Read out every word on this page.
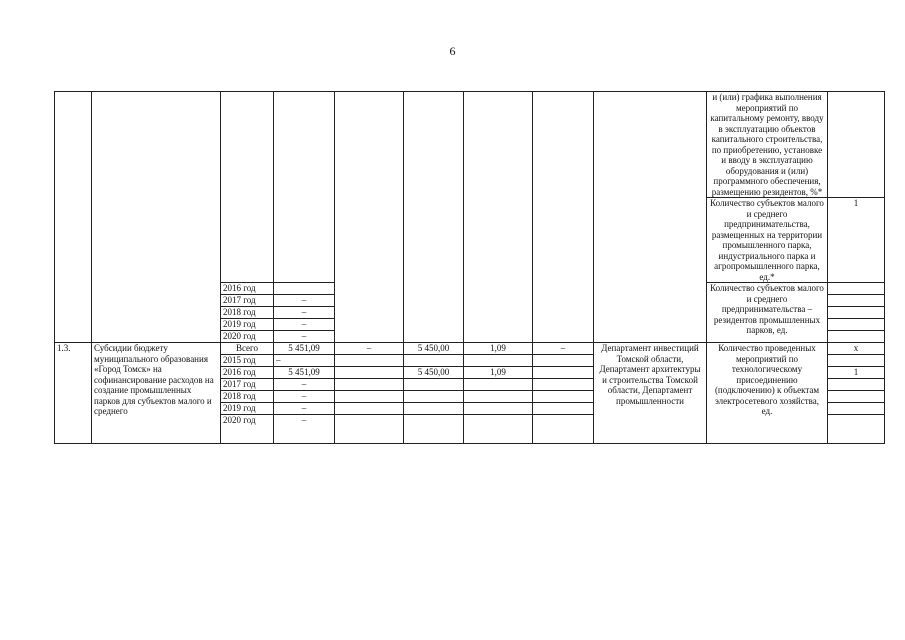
6
									и (или) графика выполнения мероприятий по капитальному ремонту, вводу в эксплуатацию объектов капитального строительства, по приобретению, установке и вводу в эксплуатацию оборудования и (или) программного обеспечения, размещению резидентов, %*	
									Количество субъектов малого и среднего предпринимательства, размещенных на территории промышленного парка, индустриального парка и агропромышленного парка, ед.*	1
		2016 год							Количество субъектов малого и среднего предпринимательства – резидентов промышленных парков, ед.	
		2017 год	–							
		2018 год	–							
		2019 год	–							
		2020 год	–							
1.3.	Субсидии бюджету муниципального образования «Город Томск» на софинансирование расходов на создание промышленных парков для субъектов малого и среднего	Всего	5 451,09	–	5 450,00	1,09	–	Департамент инвестиций Томской области, Департамент архитектуры и строительства Томской области, Департамент промышленности	Количество проведенных мероприятий по технологическому присоединению (подключению) к объектам электросетевого хозяйства, ед.	х
		2015 год	–							
		2016 год	5 451,09		5 450,00	1,09				1
		2017 год	–							
		2018 год	–							
		2019 год	–							
		2020 год	–							
